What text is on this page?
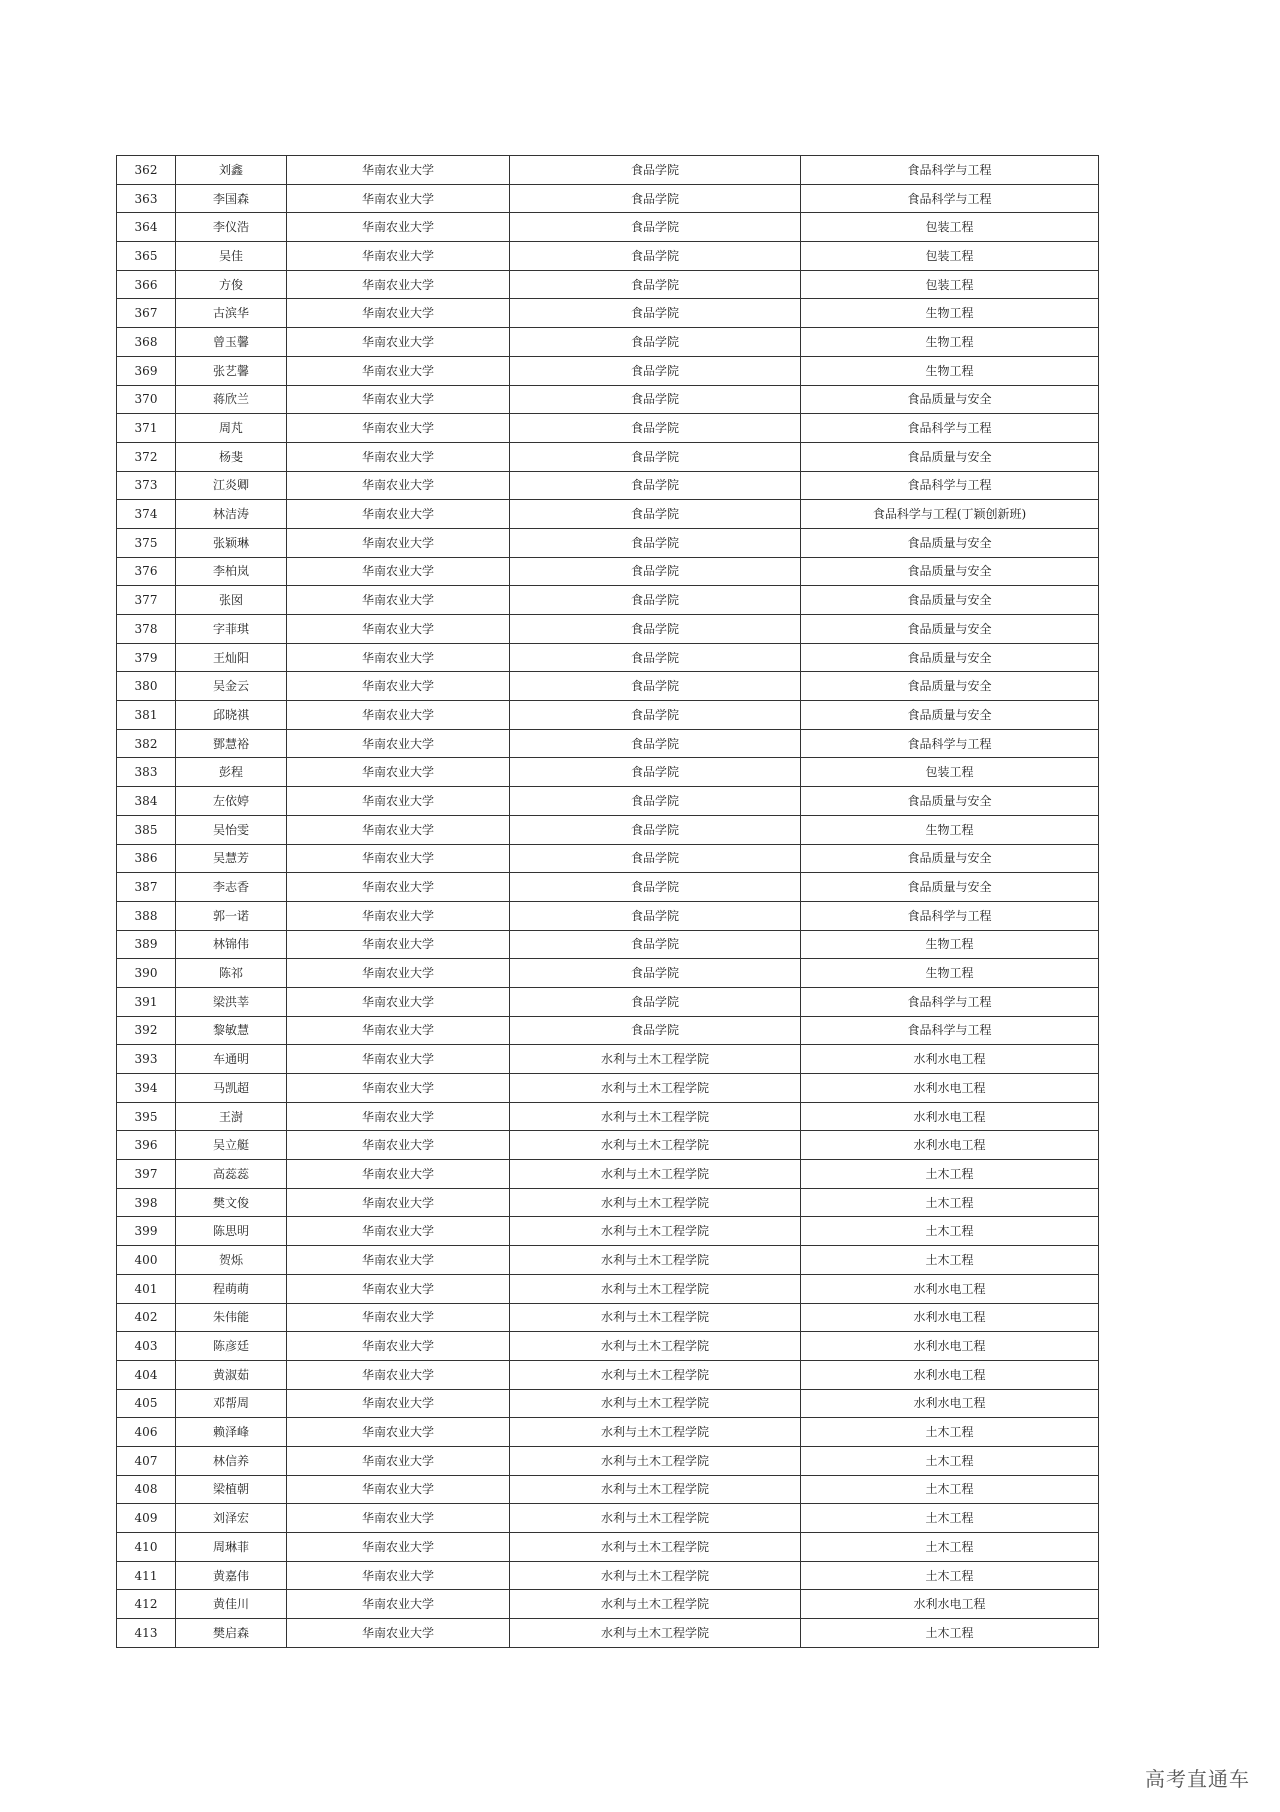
362	刘鑫	华南农业大学	食品学院	食品科学与工程
363	李国森	华南农业大学	食品学院	食品科学与工程
364	李仪浩	华南农业大学	食品学院	包装工程
365	吴佳	华南农业大学	食品学院	包装工程
366	方俊	华南农业大学	食品学院	包装工程
367	古滨华	华南农业大学	食品学院	生物工程
368	曾玉馨	华南农业大学	食品学院	生物工程
369	张艺馨	华南农业大学	食品学院	生物工程
370	蒋欣兰	华南农业大学	食品学院	食品质量与安全
371	周芃	华南农业大学	食品学院	食品科学与工程
372	杨斐	华南农业大学	食品学院	食品质量与安全
373	江炎卿	华南农业大学	食品学院	食品科学与工程
374	林洁涛	华南农业大学	食品学院	食品科学与工程(丁颖创新班)
375	张颖琳	华南农业大学	食品学院	食品质量与安全
376	李柏岚	华南农业大学	食品学院	食品质量与安全
377	张囡	华南农业大学	食品学院	食品质量与安全
378	字菲琪	华南农业大学	食品学院	食品质量与安全
379	王灿阳	华南农业大学	食品学院	食品质量与安全
380	吴金云	华南农业大学	食品学院	食品质量与安全
381	邱晓祺	华南农业大学	食品学院	食品质量与安全
382	鄧慧裕	华南农业大学	食品学院	食品科学与工程
383	彭程	华南农业大学	食品学院	包装工程
384	左依婷	华南农业大学	食品学院	食品质量与安全
385	吴怡雯	华南农业大学	食品学院	生物工程
386	吴慧芳	华南农业大学	食品学院	食品质量与安全
387	李志香	华南农业大学	食品学院	食品质量与安全
388	郭一诺	华南农业大学	食品学院	食品科学与工程
389	林锦伟	华南农业大学	食品学院	生物工程
390	陈祁	华南农业大学	食品学院	生物工程
391	梁洪莘	华南农业大学	食品学院	食品科学与工程
392	黎敏慧	华南农业大学	食品学院	食品科学与工程
393	车通明	华南农业大学	水利与土木工程学院	水利水电工程
394	马凯超	华南农业大学	水利与土木工程学院	水利水电工程
395	王澍	华南农业大学	水利与土木工程学院	水利水电工程
396	吴立艇	华南农业大学	水利与土木工程学院	水利水电工程
397	高蕊蕊	华南农业大学	水利与土木工程学院	土木工程
398	樊文俊	华南农业大学	水利与土木工程学院	土木工程
399	陈思明	华南农业大学	水利与土木工程学院	土木工程
400	贺烁	华南农业大学	水利与土木工程学院	土木工程
401	程萌萌	华南农业大学	水利与土木工程学院	水利水电工程
402	朱伟能	华南农业大学	水利与土木工程学院	水利水电工程
403	陈彦廷	华南农业大学	水利与土木工程学院	水利水电工程
404	黄淑茹	华南农业大学	水利与土木工程学院	水利水电工程
405	邓帮周	华南农业大学	水利与土木工程学院	水利水电工程
406	赖泽峰	华南农业大学	水利与土木工程学院	土木工程
407	林信养	华南农业大学	水利与土木工程学院	土木工程
408	梁植朝	华南农业大学	水利与土木工程学院	土木工程
409	刘泽宏	华南农业大学	水利与土木工程学院	土木工程
410	周琳菲	华南农业大学	水利与土木工程学院	土木工程
411	黄嘉伟	华南农业大学	水利与土木工程学院	土木工程
412	黄佳川	华南农业大学	水利与土木工程学院	水利水电工程
413	樊启森	华南农业大学	水利与土木工程学院	土木工程
高考直通车
